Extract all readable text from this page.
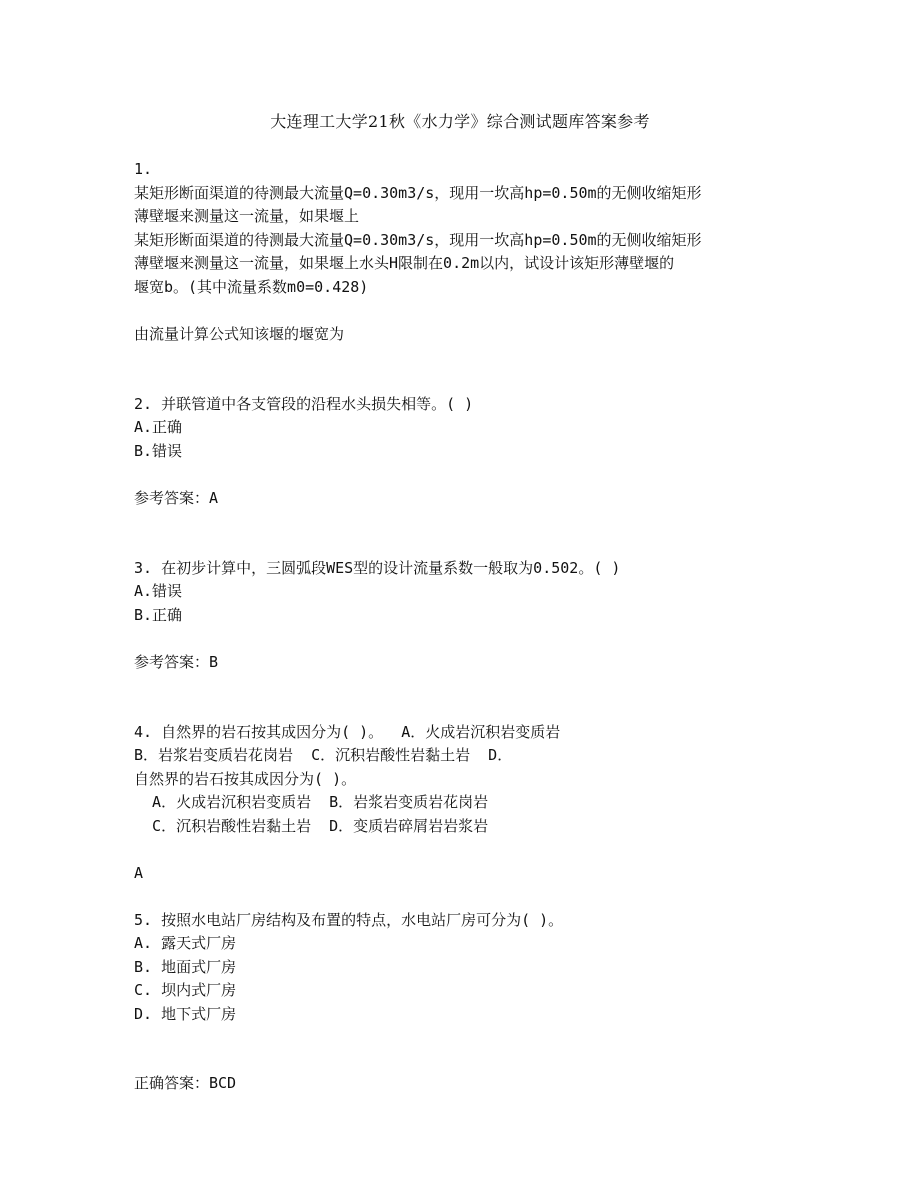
大连理工大学21秋《水力学》综合测试题库答案参考
1.
某矩形断面渠道的待测最大流量Q=0.30m3/s，现用一坎高hp=0.50m的无侧收缩矩形
薄壁堰来测量这一流量，如果堰上
某矩形断面渠道的待测最大流量Q=0.30m3/s，现用一坎高hp=0.50m的无侧收缩矩形
薄壁堰来测量这一流量，如果堰上水头H限制在0.2m以内，试设计该矩形薄壁堰的
堰宽b。(其中流量系数m0=0.428)
由流量计算公式知该堰的堰宽为
2. 并联管道中各支管段的沿程水头损失相等。( )
A.正确
B.错误
参考答案：A
3. 在初步计算中，三圆弧段WES型的设计流量系数一般取为0.502。( )
A.错误
B.正确
参考答案：B
4. 自然界的岩石按其成因分为( )。  A．火成岩沉积岩变质岩
B．岩浆岩变质岩花岗岩  C．沉积岩酸性岩黏土岩  D．
自然界的岩石按其成因分为( )。
A．火成岩沉积岩变质岩  B．岩浆岩变质岩花岗岩
C．沉积岩酸性岩黏土岩  D．变质岩碎屑岩岩浆岩
A
5. 按照水电站厂房结构及布置的特点，水电站厂房可分为( )。
A. 露天式厂房
B. 地面式厂房
C. 坝内式厂房
D. 地下式厂房
正确答案：BCD
